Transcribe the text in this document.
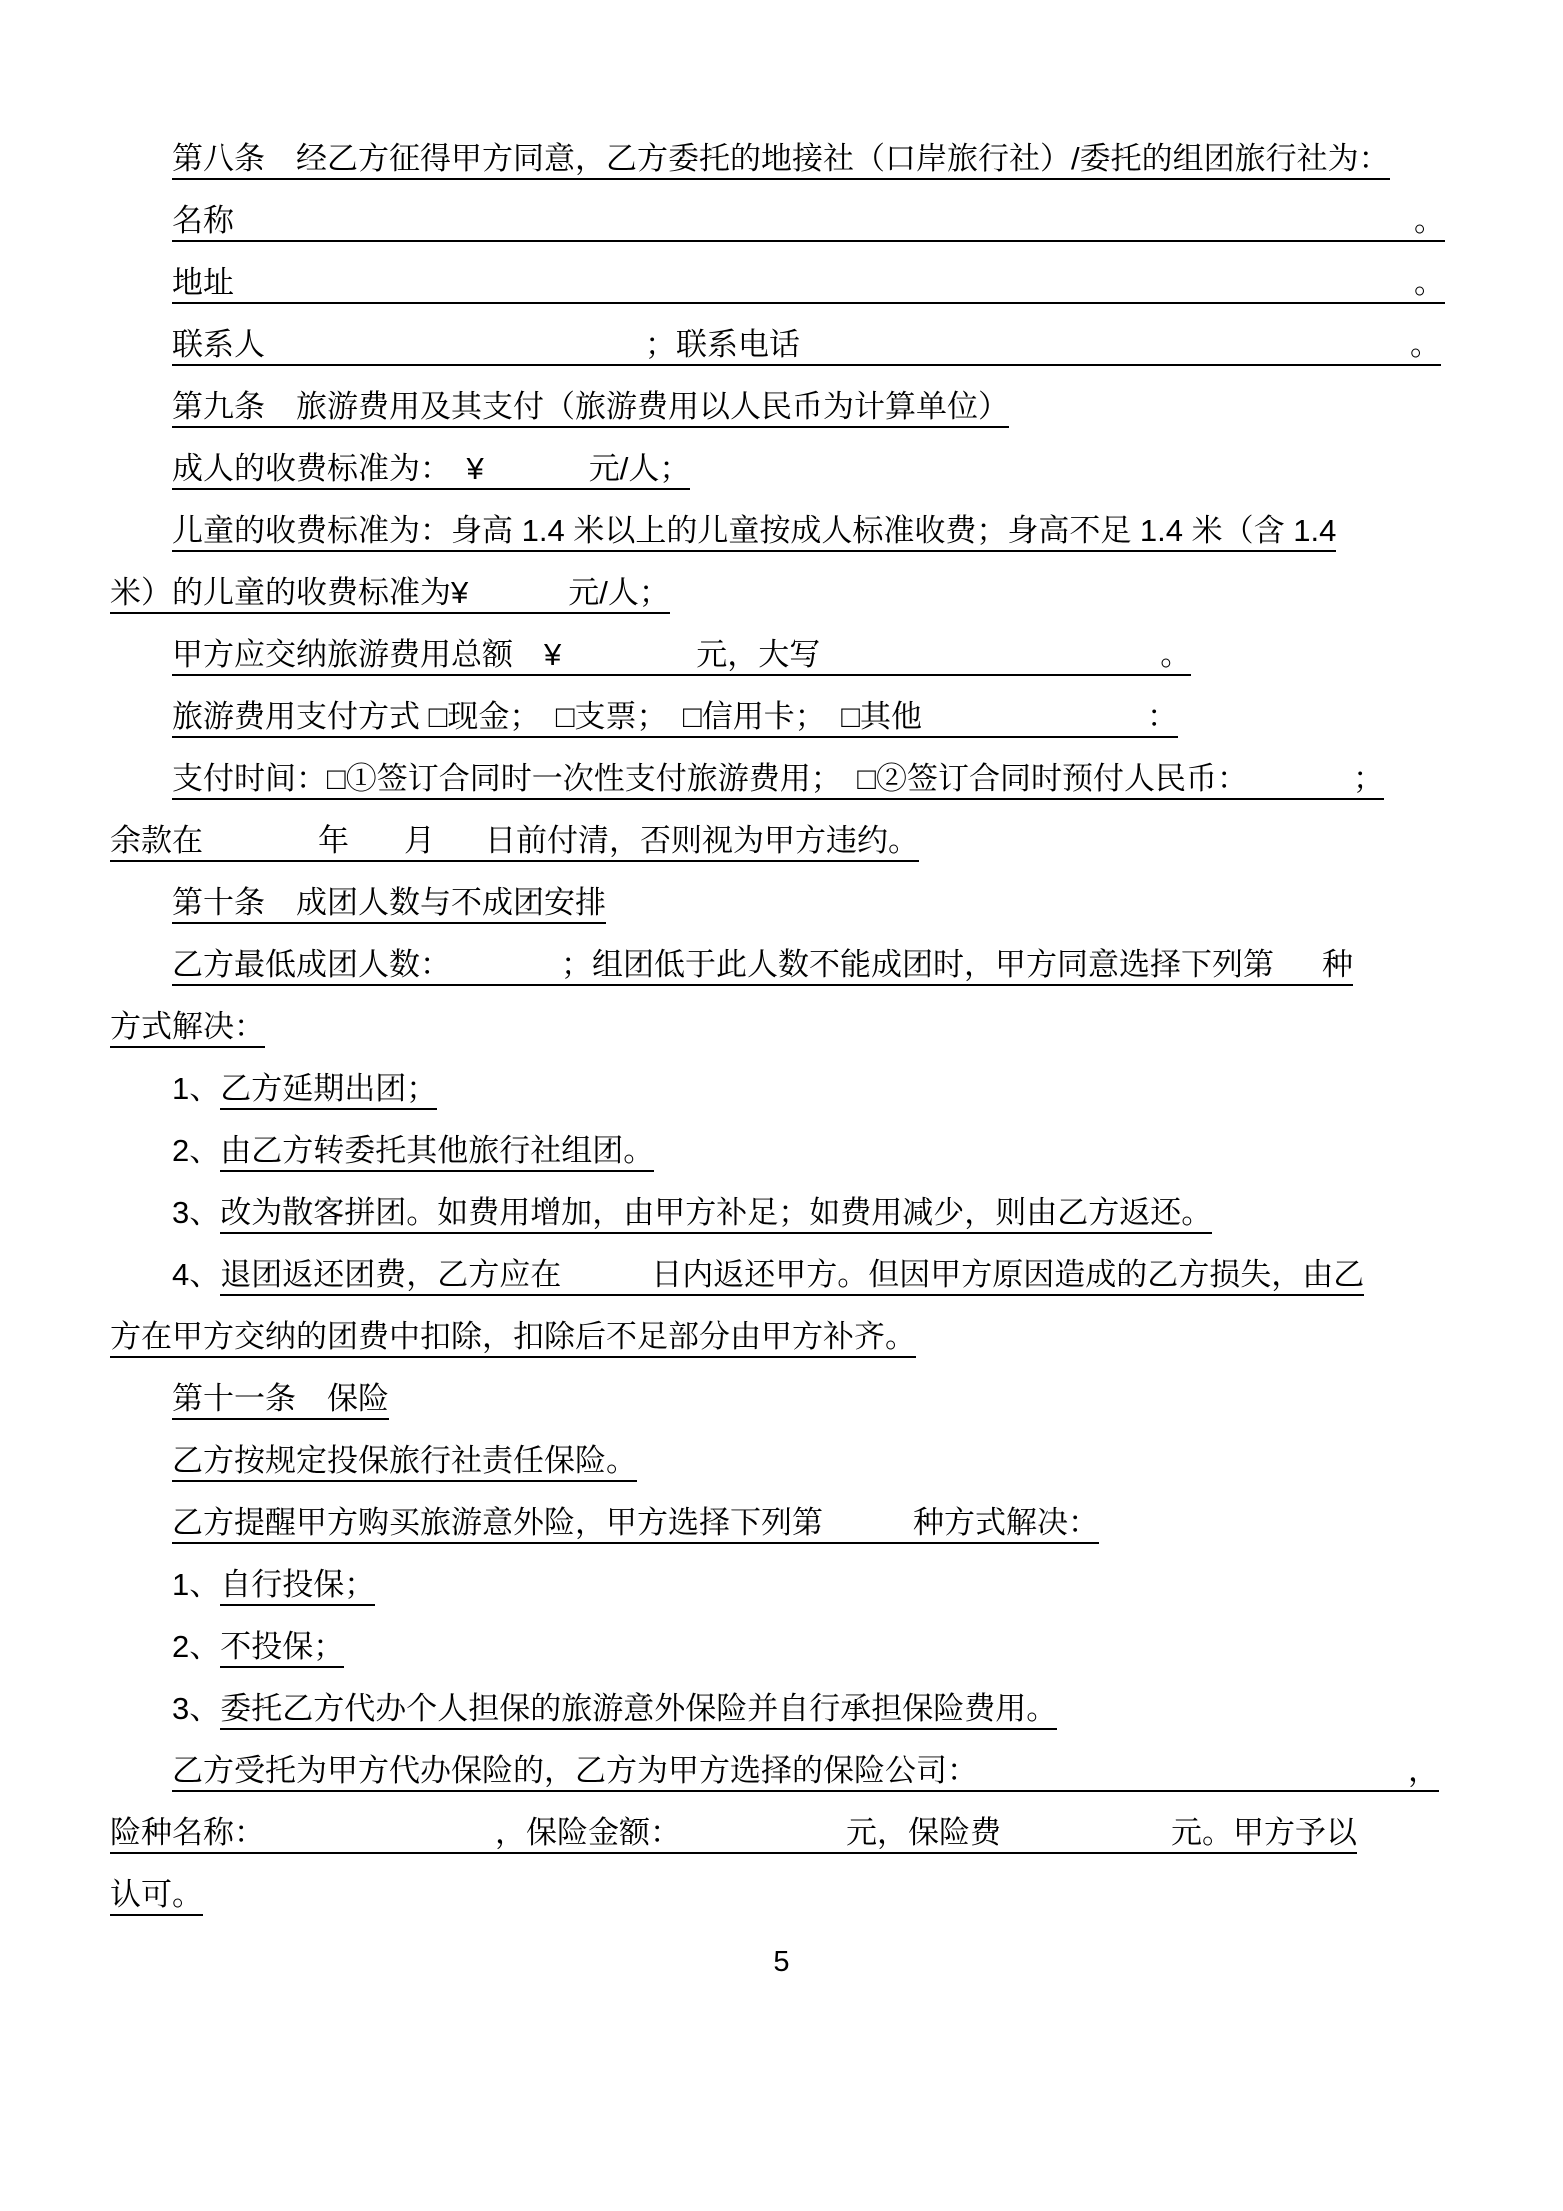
第八条　经乙方征得甲方同意，乙方委托的地接社（口岸旅行社）/委托的组团旅行社为：
名称	。
地址	。
联系人	；联系电话	。
第九条　旅游费用及其支付（旅游费用以人民币为计算单位）
成人的收费标准为：　¥	元/人；
儿童的收费标准为：身高 1.4 米以上的儿童按成人标准收费；身高不足 1.4 米（含 1.4
米）的儿童的收费标准为¥	元/人；
甲方应交纳旅游费用总额　¥	元，大写	。
旅游费用支付方式 □现金；　□支票；　□信用卡；　□其他	：
支付时间：□①签订合同时一次性支付旅游费用；　□②签订合同时预付人民币：	；
余款在	年 月 日前付清，否则视为甲方违约。
第十条　成团人数与不成团安排
乙方最低成团人数：	；组团低于此人数不能成团时，甲方同意选择下列第 种
方式解决：
1、乙方延期出团；
2、由乙方转委托其他旅行社组团。
3、改为散客拼团。如费用增加，由甲方补足；如费用减少，则由乙方返还。
4、退团返还团费，乙方应在	日内返还甲方。但因甲方原因造成的乙方损失，由乙
方在甲方交纳的团费中扣除，扣除后不足部分由甲方补齐。
第十一条　保险
乙方按规定投保旅行社责任保险。
乙方提醒甲方购买旅游意外险，甲方选择下列第	种方式解决：
1、自行投保；
2、不投保；
3、委托乙方代办个人担保的旅游意外保险并自行承担保险费用。
乙方受托为甲方代办保险的，乙方为甲方选择的保险公司：	，
险种名称：	，保险金额：	元，保险费	元。甲方予以
认可。
5
